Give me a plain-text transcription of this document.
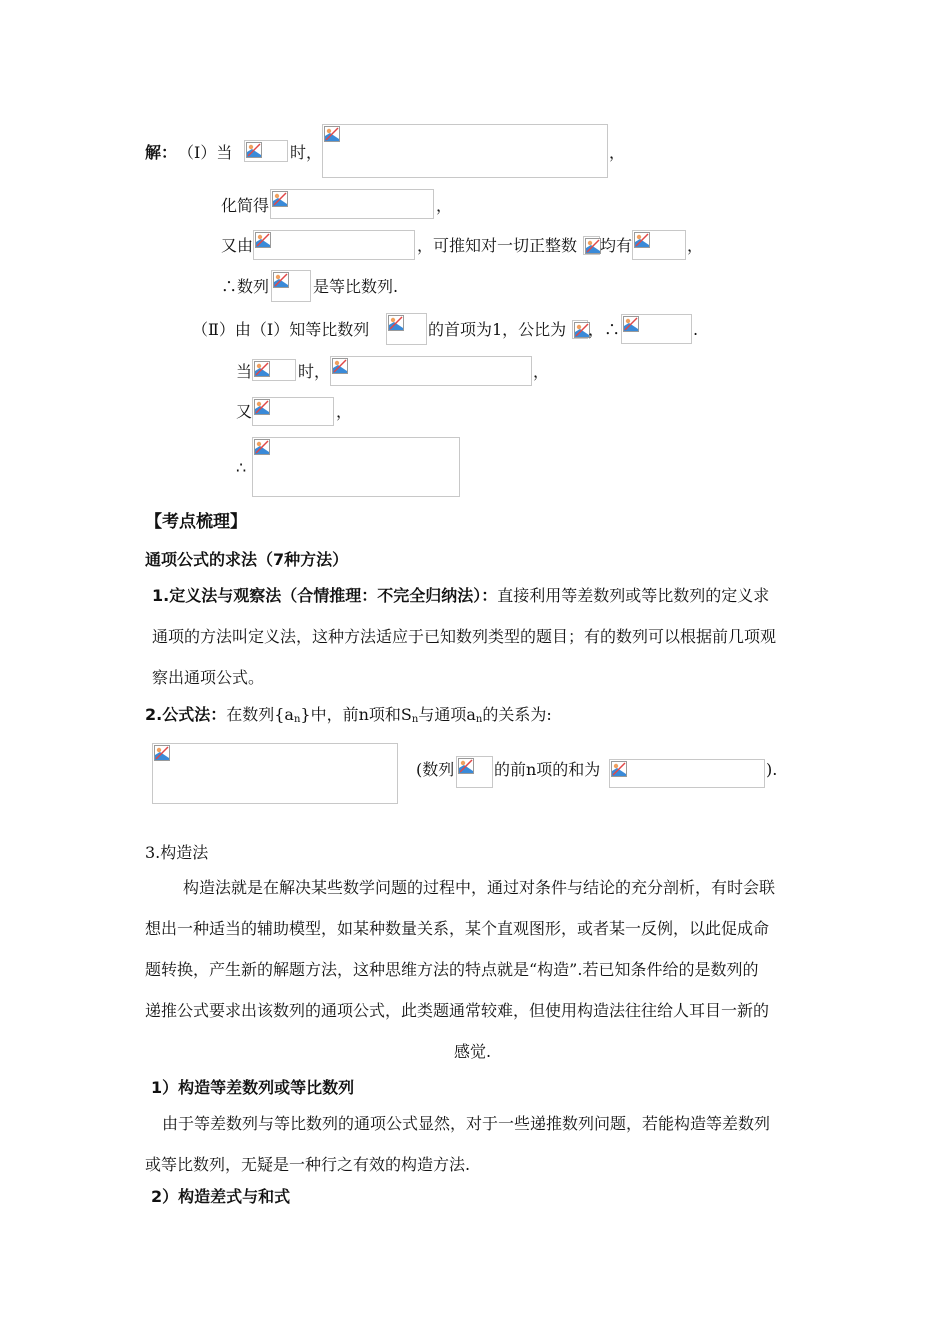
解： （Ⅰ）当	时，	，
化简得	，
又由	，可推知对一切正整数 均有	，
∴数列	是等比数列.
（Ⅱ）由（Ⅰ）知等比数列	的首项为1，公比为 ，∴	.
当	时，	，
又	，
∴
【考点梳理】
通项公式的求法（7种方法）
1.定义法与观察法（合情推理：不完全归纳法）：直接利用等差数列或等比数列的定义求
通项的方法叫定义法，这种方法适应于已知数列类型的题目；有的数列可以根据前几项观
察出通项公式。
2.公式法：在数列$\{a_n\}$中，前n项和$S_n$与通项$a_n$的关系为:
(数列 的前n项的和为	).
3.构造法
构造法就是在解决某些数学问题的过程中，通过对条件与结论的充分剖析，有时会联
想出一种适当的辅助模型，如某种数量关系，某个直观图形，或者某一反例，以此促成命
题转换，产生新的解题方法，这种思维方法的特点就是“构造”.若已知条件给的是数列的
递推公式要求出该数列的通项公式，此类题通常较难，但使用构造法往往给人耳目一新的
感觉.
1）构造等差数列或等比数列
由于等差数列与等比数列的通项公式显然，对于一些递推数列问题，若能构造等差数列
或等比数列，无疑是一种行之有效的构造方法.
2）构造差式与和式
